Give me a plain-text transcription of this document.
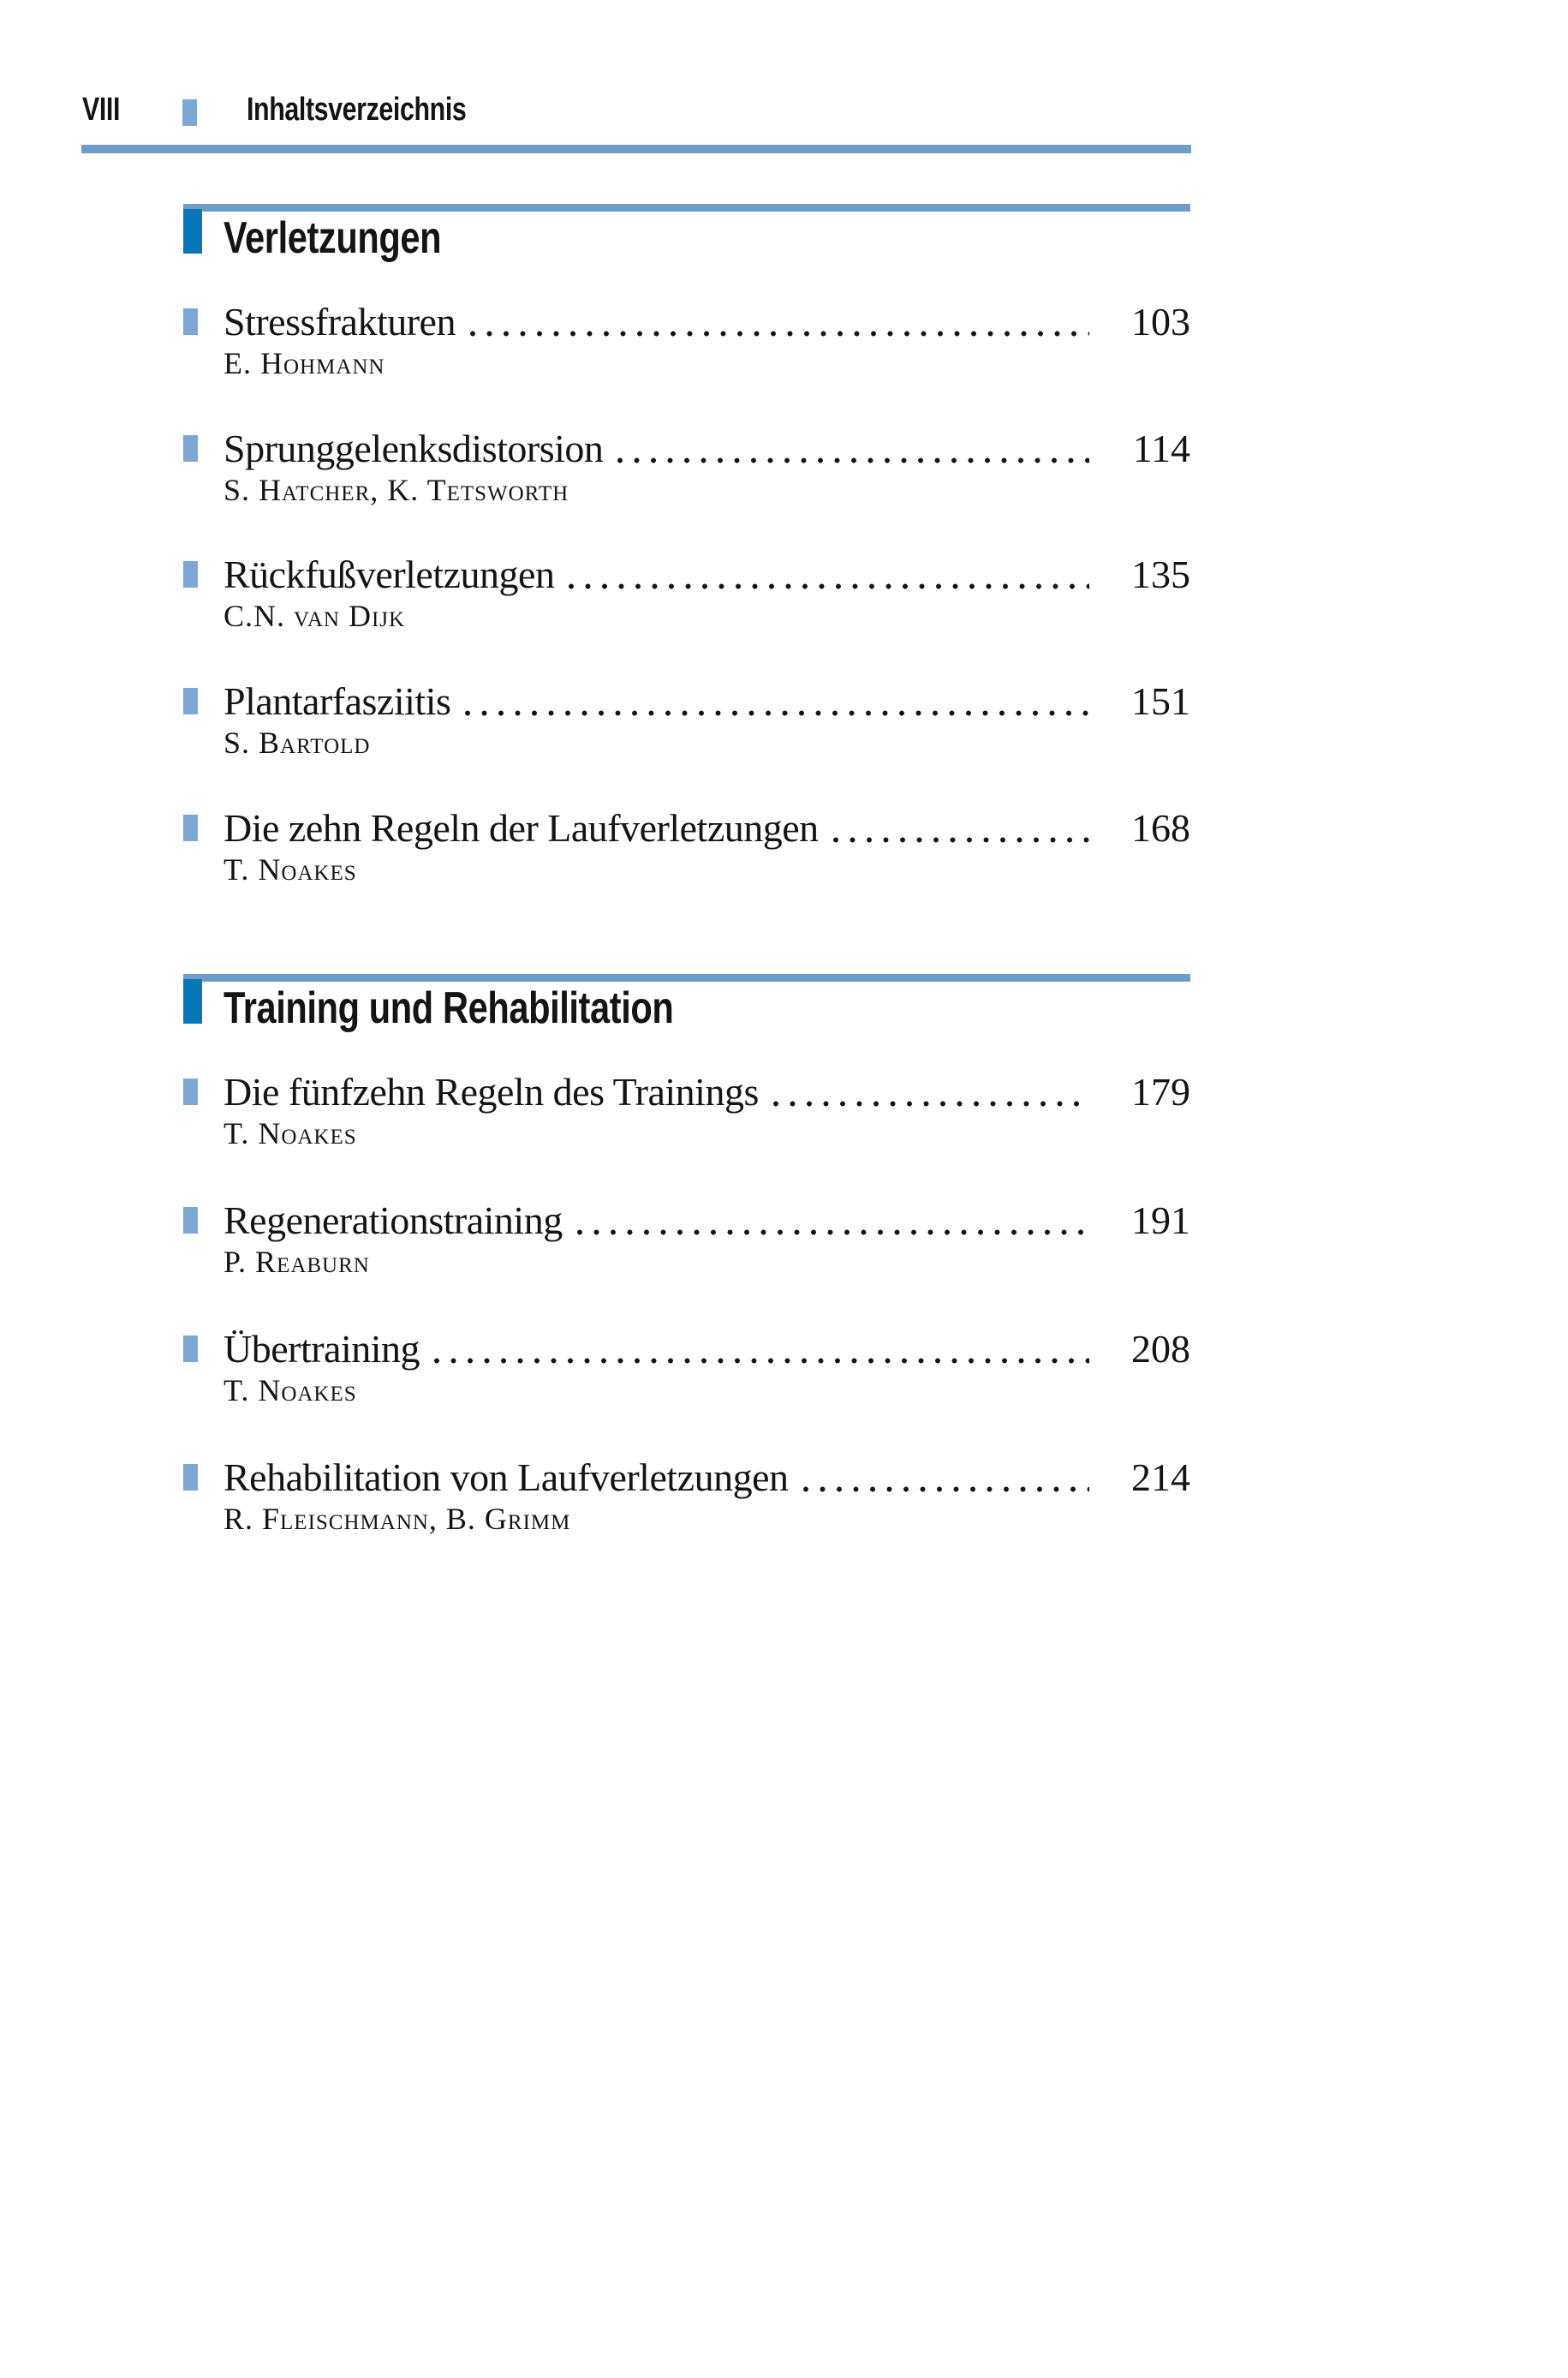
VIII	Inhaltsverzeichnis
Verletzungen
Stressfrakturen	103
E. Hohmann
Sprunggelenksdistorsion	114
S. Hatcher, K. Tetsworth
Rückfußverletzungen	135
C.N. van Dijk
Plantarfasziitis	151
S. Bartold
Die zehn Regeln der Laufverletzungen	168
T. Noakes
Training und Rehabilitation
Die fünfzehn Regeln des Trainings	179
T. Noakes
Regenerationstraining	191
P. Reaburn
Übertraining	208
T. Noakes
Rehabilitation von Laufverletzungen	214
R. Fleischmann, B. Grimm
